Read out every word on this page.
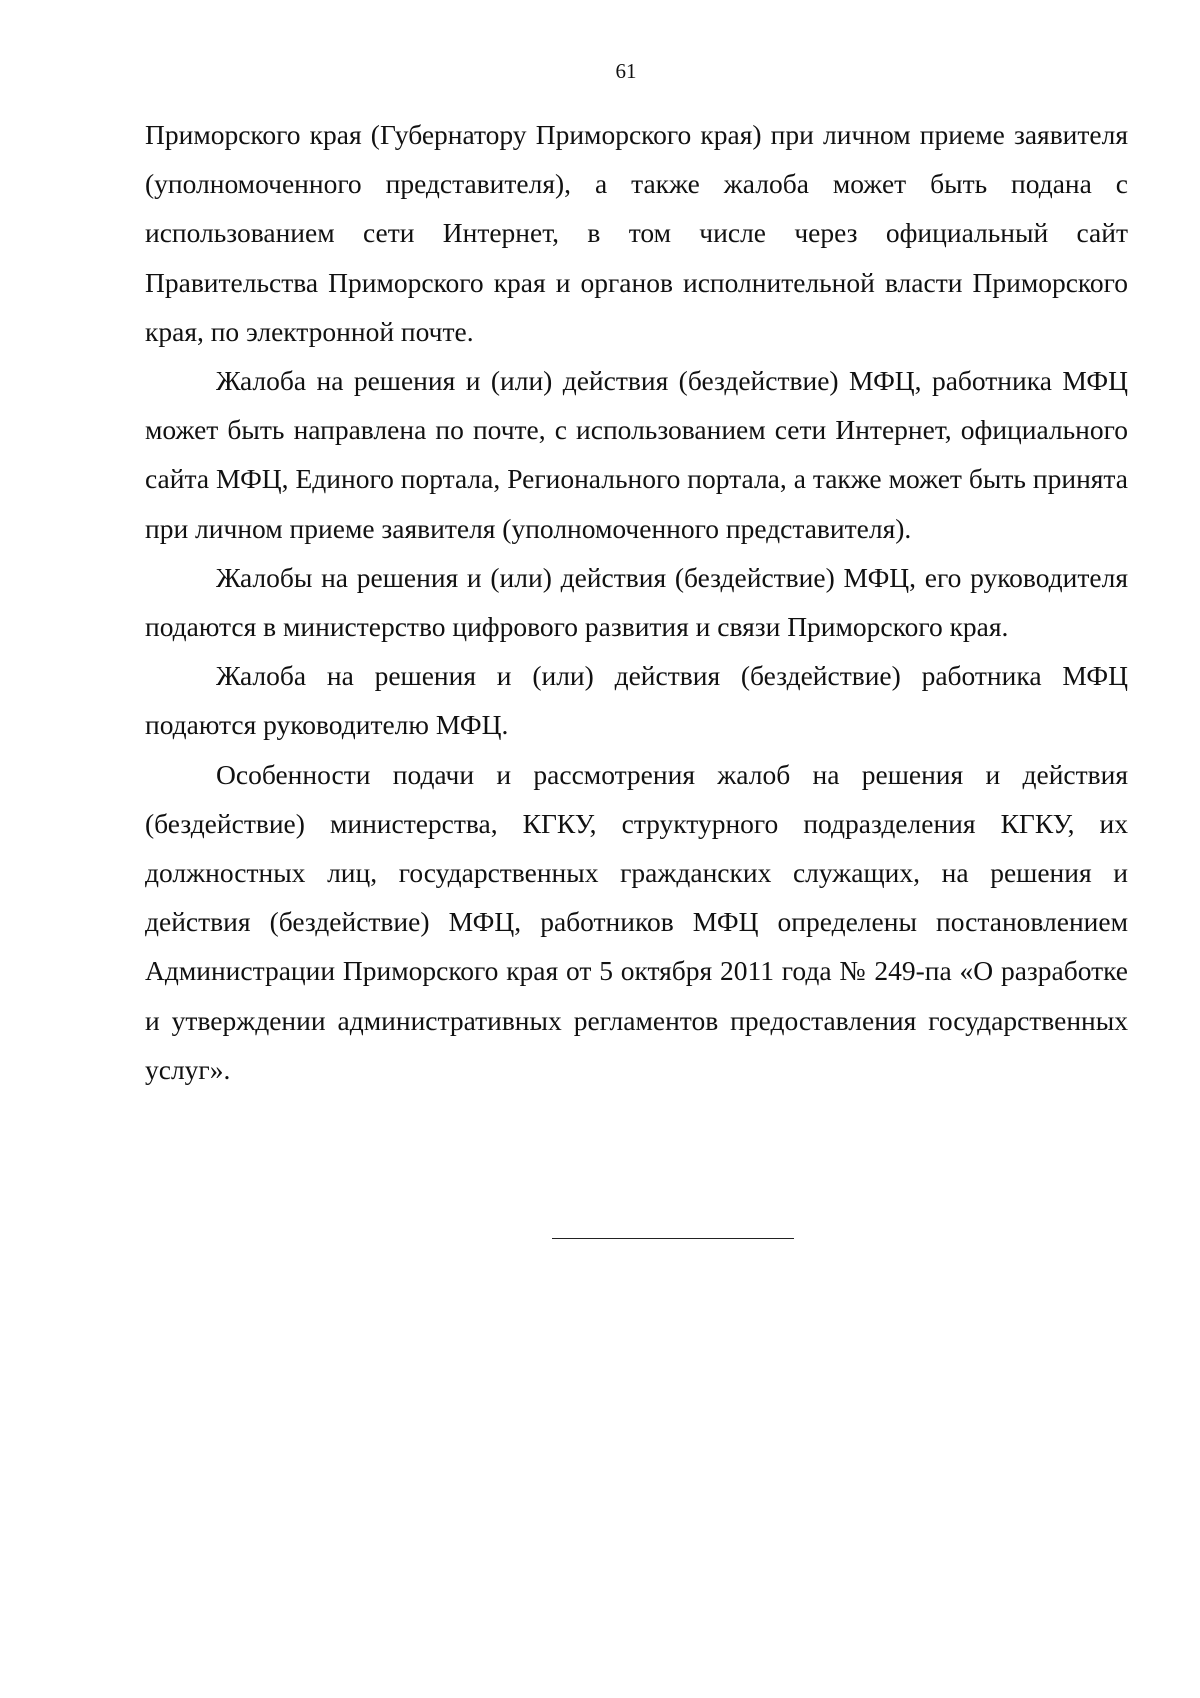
61

Приморского края (Губернатору Приморского края) при личном приеме заявителя (уполномоченного представителя), а также жалоба может быть подана с использованием сети Интернет, в том числе через официальный сайт Правительства Приморского края и органов исполнительной власти Приморского края, по электронной почте.

Жалоба на решения и (или) действия (бездействие) МФЦ, работника МФЦ может быть направлена по почте, с использованием сети Интернет, официального сайта МФЦ, Единого портала, Регионального портала, а также может быть принята при личном приеме заявителя (уполномоченного представителя).

Жалобы на решения и (или) действия (бездействие) МФЦ, его руководителя подаются в министерство цифрового развития и связи Приморского края.

Жалоба на решения и (или) действия (бездействие) работника МФЦ подаются руководителю МФЦ.

Особенности подачи и рассмотрения жалоб на решения и действия (бездействие) министерства, КГКУ, структурного подразделения КГКУ, их должностных лиц, государственных гражданских служащих, на решения и действия (бездействие) МФЦ, работников МФЦ определены постановлением Администрации Приморского края от 5 октября 2011 года № 249-па «О разработке и утверждении административных регламентов предоставления государственных услуг».
